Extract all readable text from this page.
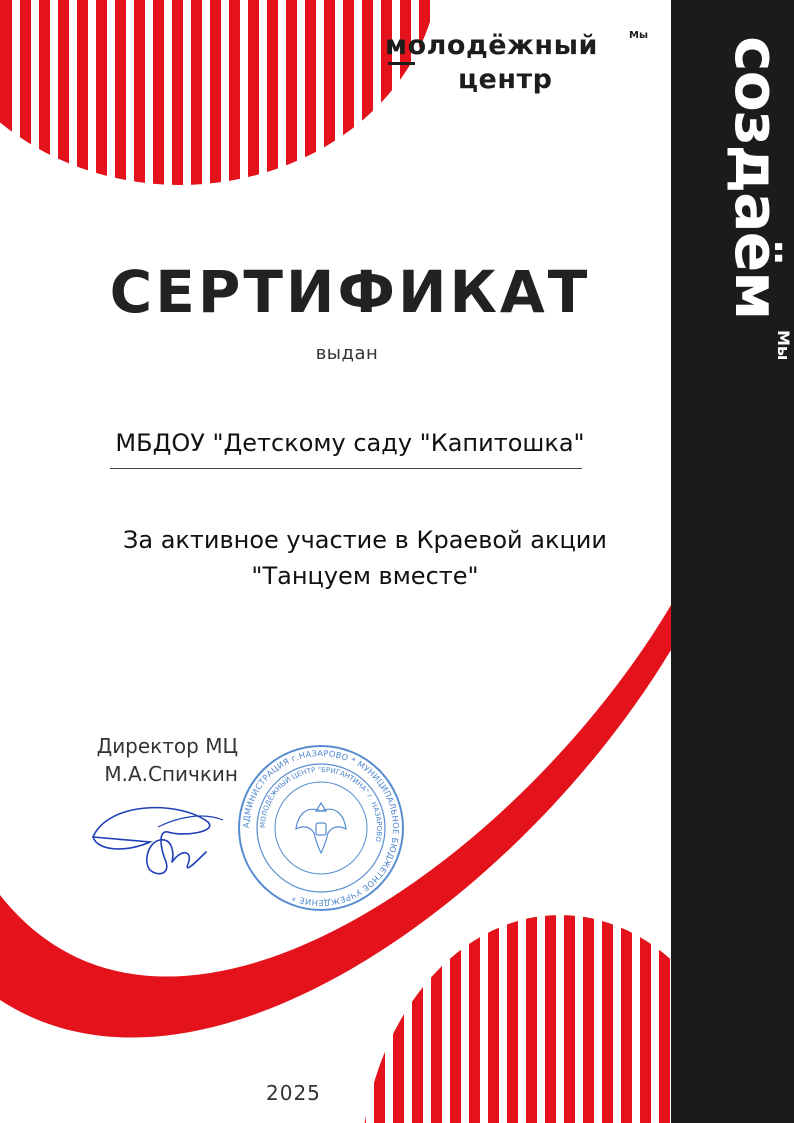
создаём
Мы
молодёжный
центр
Мы
СЕРТИФИКАТ
выдан
МБДОУ "Детскому саду "Капитошка"
За активное участие в Краевой акции
"Танцуем вместе"
Директор МЦ
М.А.Спичкин
АДМИНИСТРАЦИЯ г.НАЗАРОВО * МУНИЦИПАЛЬНОЕ БЮДЖЕТНОЕ УЧРЕЖДЕНИЕ *
МОЛОДЁЖНЫЙ ЦЕНТР "БРИГАНТИНА" г. НАЗАРОВО
2025
